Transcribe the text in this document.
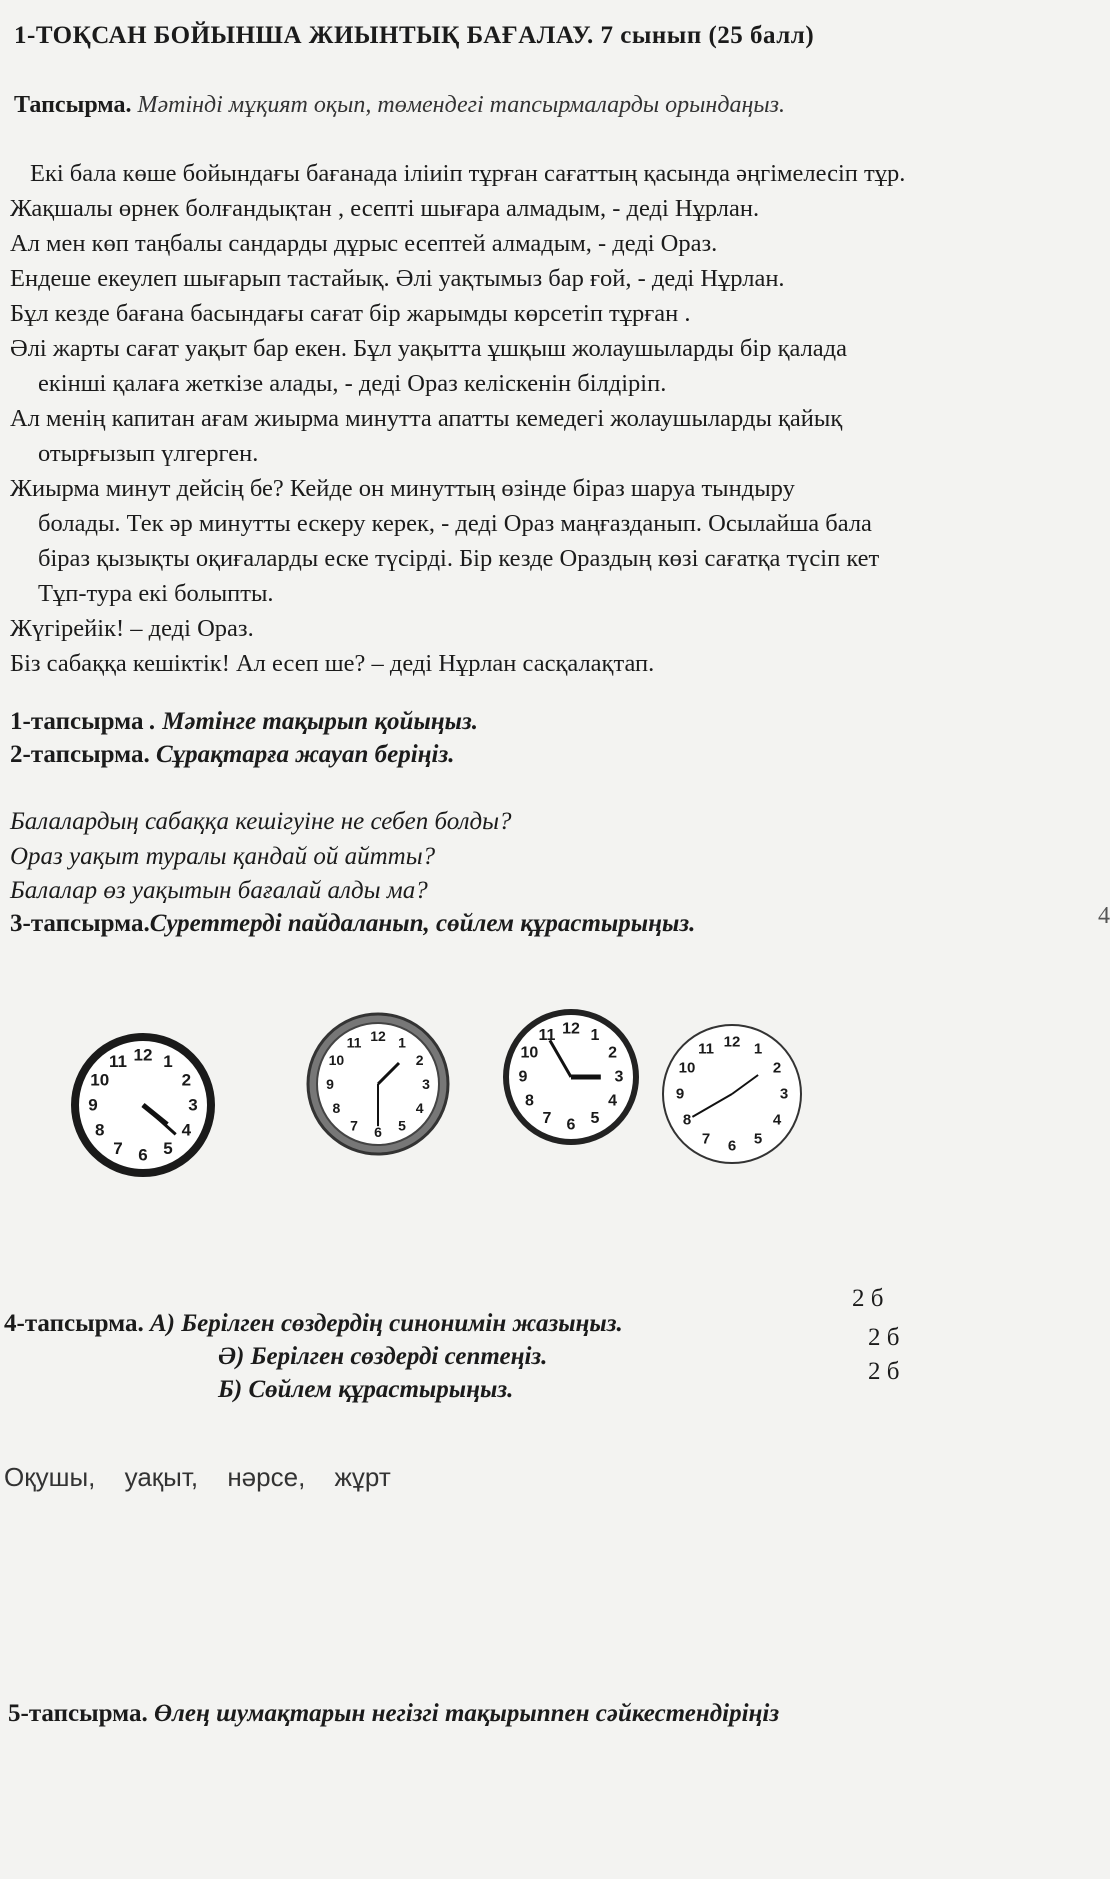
1-ТОҚСАН БОЙЫНША ЖИЫНТЫҚ БАҒАЛАУ. 7 сынып (25 балл)
Тапсырма. Мәтінді мұқият оқып, төмендегі тапсырмаларды орындаңыз.
Екі бала көше бойындағы бағанада іліиіп тұрған сағаттың қасында әңгімелесіп тұр.
Жақшалы өрнек болғандықтан , есепті шығара алмадым, - деді Нұрлан.
Ал мен көп таңбалы сандарды дұрыс есептей алмадым, - деді Ораз.
Ендеше екеулеп шығарып тастайық. Әлі уақтымыз бар ғой, - деді Нұрлан.
Бұл кезде бағана басындағы сағат бір жарымды көрсетіп тұрған .
Әлі жарты сағат уақыт бар екен. Бұл уақытта ұшқыш жолаушыларды бір қалада
екінші қалаға жеткізе алады, - деді Ораз келіскенін білдіріп.
Ал менің капитан ағам жиырма минутта апатты кемедегі жолаушыларды қайық
отырғызып үлгерген.
Жиырма минут дейсің бе? Кейде он минуттың өзінде біраз шаруа тындыру
болады. Тек әр минутты ескеру керек, - деді Ораз маңғазданып. Осылайша бала
біраз қызықты оқиғаларды еске түсірді. Бір кезде Ораздың көзі сағатқа түсіп кет
Тұп-тура екі болыпты.
Жүгірейік! – деді Ораз.
Біз сабаққа кешіктік! Ал есеп ше? – деді Нұрлан сасқалақтап.
1-тапсырма . Мәтінге тақырып қойыңыз.
2-тапсырма. Сұрақтарға жауап беріңіз.
Балалардың сабаққа кешігуіне не себеп болды?
Ораз уақыт туралы қандай ой айтты?
Балалар өз уақытын бағалай алды ма?
3-тапсырма.Суреттерді пайдаланып, сөйлем құрастырыңыз.	4
12 1
2
3
4
5
6
7
8
9
10
11
12 1
2
3
4
5
6
7
8
9
10
11
12 1
2
3
4
5
6
7
8
9
10
11	12 1
2
3
4
5
6
7
8
9
10
11
4-тапсырма. А) Берілген сөздердің синонимін жазыңыз.
Ә) Берілген сөздерді септеңіз.
Б) Сөйлем құрастырыңыз.
2 б
2 б
2 б
Оқушы, уақыт, нәрсе, жұрт
5-тапсырма. Өлең шумақтарын негізгі тақырыппен сәйкестендіріңіз
